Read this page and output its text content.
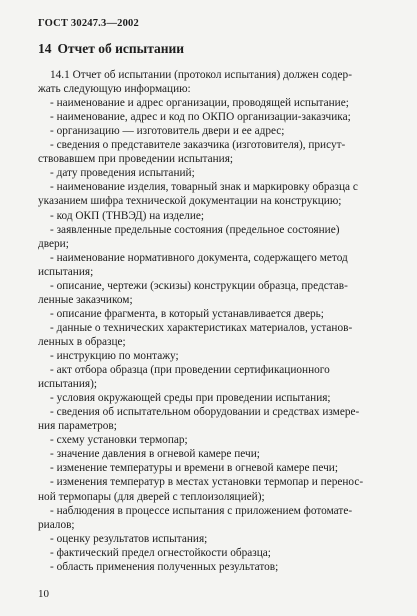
ГОСТ 30247.3—2002
14 Отчет об испытании
14.1 Отчет об испытании (протокол испытания) должен содер-
жать следующую информацию:
- наименование и адрес организации, проводящей испытание;
- наименование, адрес и код по ОКПО организации-заказчика;
- организацию — изготовитель двери и ее адрес;
- сведения о представителе заказчика (изготовителя), присут-
ствовавшем при проведении испытания;
- дату проведения испытаний;
- наименование изделия, товарный знак и маркировку образца с
указанием шифра технической документации на конструкцию;
- код ОКП (ТНВЭД) на изделие;
- заявленные предельные состояния (предельное состояние)
двери;
- наименование нормативного документа, содержащего метод
испытания;
- описание, чертежи (эскизы) конструкции образца, представ-
ленные заказчиком;
- описание фрагмента, в который устанавливается дверь;
- данные о технических характеристиках материалов, установ-
ленных в образце;
- инструкцию по монтажу;
- акт отбора образца (при проведении сертификационного
испытания);
- условия окружающей среды при проведении испытания;
- сведения об испытательном оборудовании и средствах измере-
ния параметров;
- схему установки термопар;
- значение давления в огневой камере печи;
- изменение температуры и времени в огневой камере печи;
- изменения температур в местах установки термопар и перенос-
ной термопары (для дверей с теплоизоляцией);
- наблюдения в процессе испытания с приложением фотомате-
риалов;
- оценку результатов испытания;
- фактический предел огнестойкости образца;
- область применения полученных результатов;
10
